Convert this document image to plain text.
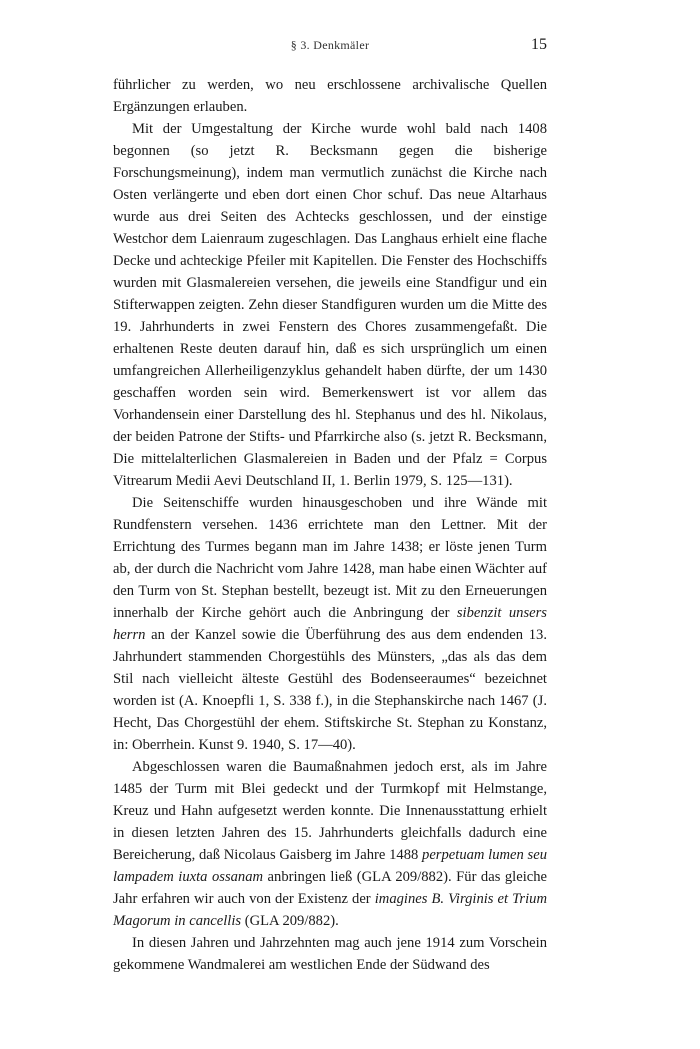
§ 3. Denkmäler	15

führlicher zu werden, wo neu erschlossene archivalische Quellen Ergänzungen erlauben.

Mit der Umgestaltung der Kirche wurde wohl bald nach 1408 begonnen (so jetzt R. Becksmann gegen die bisherige Forschungsmeinung), indem man vermutlich zunächst die Kirche nach Osten verlängerte und eben dort einen Chor schuf. Das neue Altarhaus wurde aus drei Seiten des Achtecks geschlossen, und der einstige Westchor dem Laienraum zugeschlagen. Das Langhaus erhielt eine flache Decke und achteckige Pfeiler mit Kapitellen. Die Fenster des Hochschiffs wurden mit Glasmalereien versehen, die jeweils eine Standfigur und ein Stifterwappen zeigten. Zehn dieser Standfiguren wurden um die Mitte des 19. Jahrhunderts in zwei Fenstern des Chores zusammengefaßt. Die erhaltenen Reste deuten darauf hin, daß es sich ursprünglich um einen umfangreichen Allerheiligenzyklus gehandelt haben dürfte, der um 1430 geschaffen worden sein wird. Bemerkenswert ist vor allem das Vorhandensein einer Darstellung des hl. Stephanus und des hl. Nikolaus, der beiden Patrone der Stifts- und Pfarrkirche also (s. jetzt R. Becksmann, Die mittelalterlichen Glasmalereien in Baden und der Pfalz = Corpus Vitrearum Medii Aevi Deutschland II, 1. Berlin 1979, S. 125—131).

Die Seitenschiffe wurden hinausgeschoben und ihre Wände mit Rundfenstern versehen. 1436 errichtete man den Lettner. Mit der Errichtung des Turmes begann man im Jahre 1438; er löste jenen Turm ab, der durch die Nachricht vom Jahre 1428, man habe einen Wächter auf den Turm von St. Stephan bestellt, bezeugt ist. Mit zu den Erneuerungen innerhalb der Kirche gehört auch die Anbringung der sibenzit unsers herrn an der Kanzel sowie die Überführung des aus dem endenden 13. Jahrhundert stammenden Chorgestühls des Münsters, „das als das dem Stil nach vielleicht älteste Gestühl des Bodenseeraumes“ bezeichnet worden ist (A. Knoepfli 1, S. 338 f.), in die Stephanskirche nach 1467 (J. Hecht, Das Chorgestühl der ehem. Stiftskirche St. Stephan zu Konstanz, in: Oberrhein. Kunst 9. 1940, S. 17—40).

Abgeschlossen waren die Baumaßnahmen jedoch erst, als im Jahre 1485 der Turm mit Blei gedeckt und der Turmkopf mit Helmstange, Kreuz und Hahn aufgesetzt werden konnte. Die Innenausstattung erhielt in diesen letzten Jahren des 15. Jahrhunderts gleichfalls dadurch eine Bereicherung, daß Nicolaus Gaisberg im Jahre 1488 perpetuam lumen seu lampadem iuxta ossanam anbringen ließ (GLA 209/882). Für das gleiche Jahr erfahren wir auch von der Existenz der imagines B. Virginis et Trium Magorum in cancellis (GLA 209/882).

In diesen Jahren und Jahrzehnten mag auch jene 1914 zum Vorschein gekommene Wandmalerei am westlichen Ende der Südwand des
